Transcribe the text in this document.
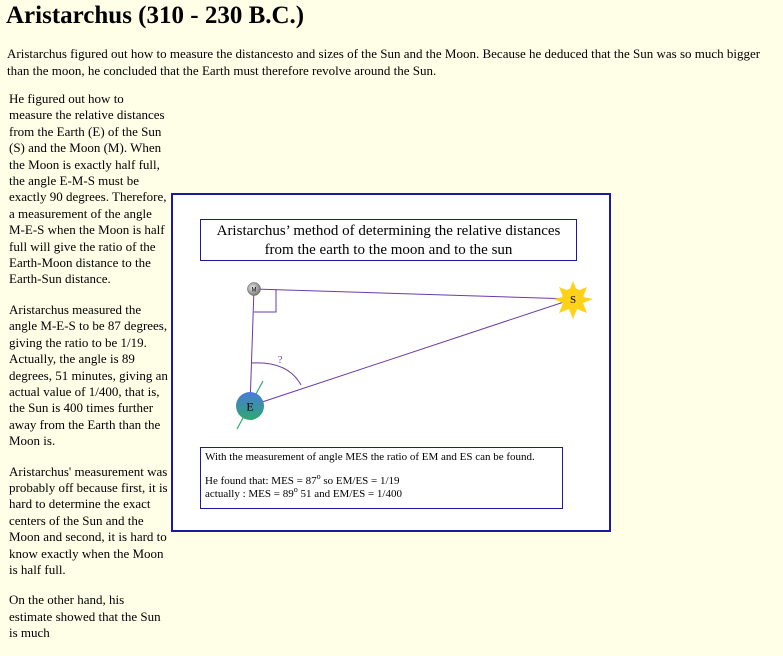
Aristarchus (310 - 230 B.C.)

Aristarchus figured out how to measure the distancesto and sizes of the Sun and the Moon. Because he deduced that the Sun was so much bigger than the moon, he concluded that the Earth must therefore revolve around the Sun.

He figured out how to measure the relative distances from the Earth (E) of the Sun (S) and the Moon (M). When the Moon is exactly half full, the angle E-M-S must be exactly 90 degrees. Therefore, a measurement of the angle M-E-S when the Moon is half full will give the ratio of the Earth-Moon distance to the Earth-Sun distance.

Aristarchus measured the angle M-E-S to be 87 degrees, giving the ratio to be 1/19. Actually, the angle is 89 degrees, 51 minutes, giving an actual value of 1/400, that is, the Sun is 400 times further away from the Earth than the Moon is.

Aristarchus' measurement was probably off because first, it is hard to determine the exact centers of the Sun and the Moon and second, it is hard to know exactly when the Moon is half full.

On the other hand, his estimate showed that the Sun is much

?
M
S
E
Aristarchus’ method of determining the relative distances from the earth to the moon and to the sun
With the measurement of angle MES the ratio of EM and ES can be found.
He found that: MES = $87^o$ so EM/ES = 1/19
actually : MES = $89^o$ 51 and EM/ES = 1/400
